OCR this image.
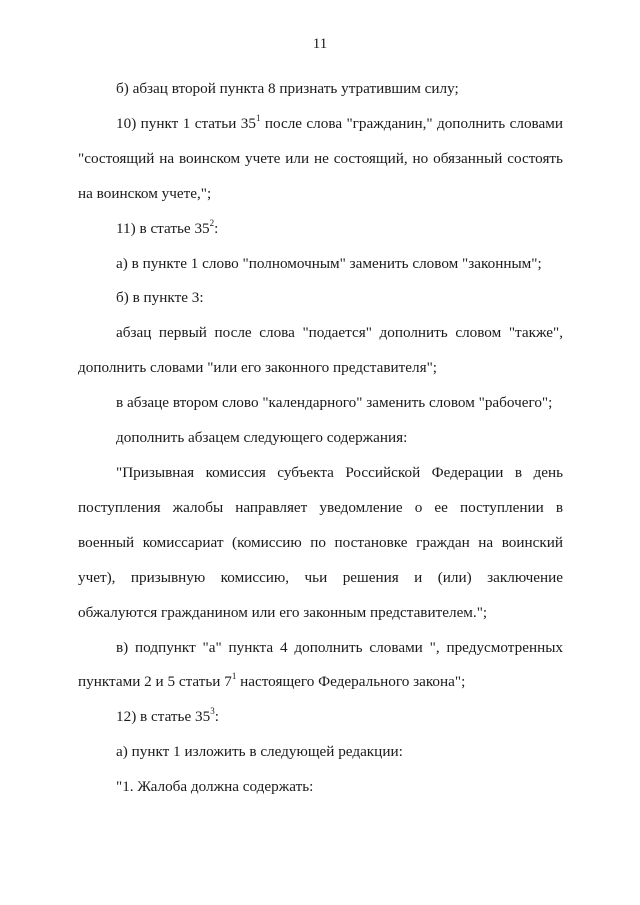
11

б) абзац второй пункта 8 признать утратившим силу;

10) пункт 1 статьи $35^1$ после слова "гражданин," дополнить словами "состоящий на воинском учете или не состоящий, но обязанный состоять на воинском учете,";

11) в статье $35^2$:

а) в пункте 1 слово "полномочным" заменить словом "законным";

б) в пункте 3:

абзац первый после слова "подается" дополнить словом "также", дополнить словами "или его законного представителя";

в абзаце втором слово "календарного" заменить словом "рабочего";

дополнить абзацем следующего содержания:

"Призывная комиссия субъекта Российской Федерации в день поступления жалобы направляет уведомление о ее поступлении в военный комиссариат (комиссию по постановке граждан на воинский учет), призывную комиссию, чьи решения и (или) заключение обжалуются гражданином или его законным представителем.";

в) подпункт "а" пункта 4 дополнить словами ", предусмотренных пунктами 2 и 5 статьи $7^1$ настоящего Федерального закона";

12) в статье $35^3$:

а) пункт 1 изложить в следующей редакции:

"1. Жалоба должна содержать:
